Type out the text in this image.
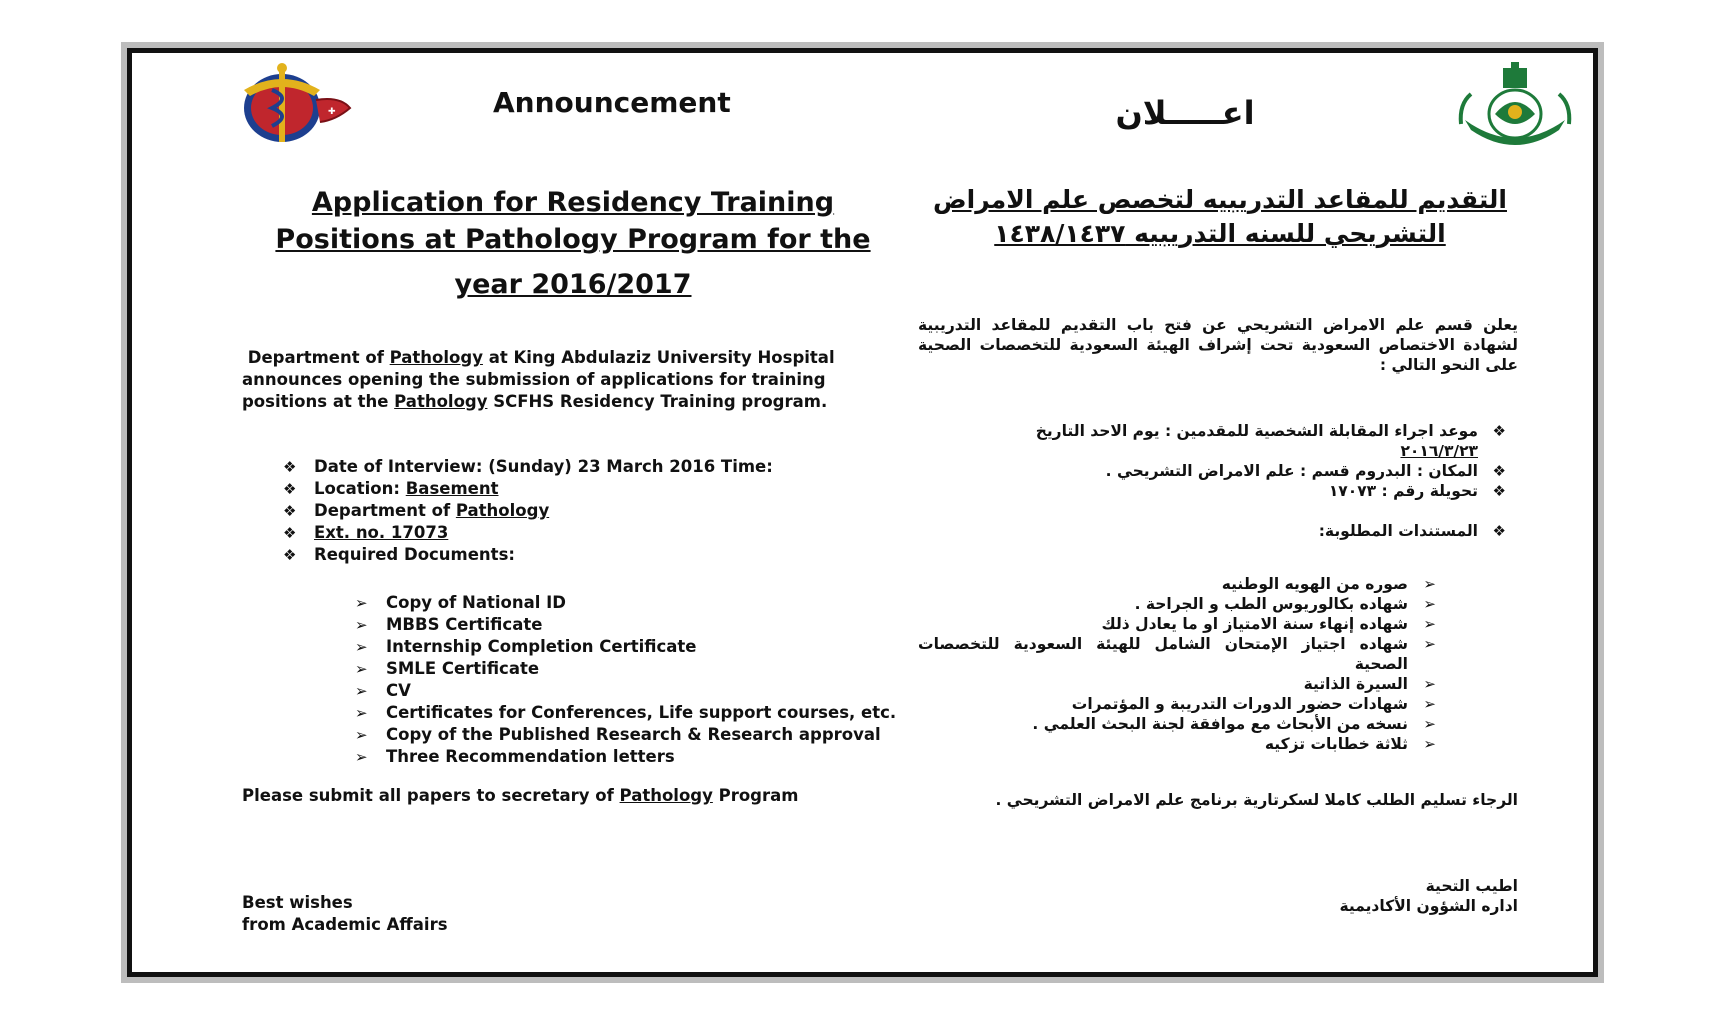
✚	Announcement	اعـــــلان
Application for Residency Training
Positions at Pathology Program for the
year 2016/2017
التقديم للمقاعد التدريبيه لتخصص علم الامراض
التشريحي للسنه التدريبيه ١٤٣٨/١٤٣٧
Department of Pathology at King Abdulaziz University Hospital announces opening the submission of applications for training positions at the Pathology SCFHS Residency Training program.
يعلن قسم علم الامراض التشريحي عن فتح باب التقديم للمقاعد التدريبية لشهادة الاختصاص السعودية تحت إشراف الهيئة السعودية للتخصصات الصحية على النحو التالي :
❖ Date of Interview: (Sunday) 23 March 2016 Time:
❖ Location: Basement
❖ Department of Pathology
❖ Ext. no. 17073
❖ Required Documents:
➢ Copy of National ID
➢ MBBS Certificate
➢ Internship Completion Certificate
➢ SMLE Certificate
➢ CV
➢ Certificates for Conferences, Life support courses, etc.
➢ Copy of the Published Research & Research approval
➢ Three Recommendation letters
❖
موعد اجراء المقابلة الشخصية للمقدمين : يوم الاحد التاريخ
٢٠١٦/٣/٢٣
❖
المكان : البدروم قسم : علم الامراض التشريحي .
❖
تحويلة رقم : ١٧٠٧٣
❖
المستندات المطلوبة:
➢
صوره من الهويه الوطنيه
➢
شهاده بكالوريوس الطب و الجراحة .
➢
شهاده إنهاء سنة الامتياز او ما يعادل ذلك
➢
شهاده اجتياز الإمتحان الشامل للهيئة السعودية للتخصصات الصحية
➢
السيرة الذاتية
➢
شهادات حضور الدورات التدريبة و المؤتمرات
➢
نسخه من الأبحاث مع موافقة لجنة البحث العلمي .
➢
ثلاثة خطابات تزكيه
Please submit all papers to secretary of Pathology Program	الرجاء تسليم الطلب كاملا لسكرتارية برنامج علم الامراض التشريحي .
Best wishes
from Academic Affairs
اطيب التحية
اداره الشؤون الأكاديمية
